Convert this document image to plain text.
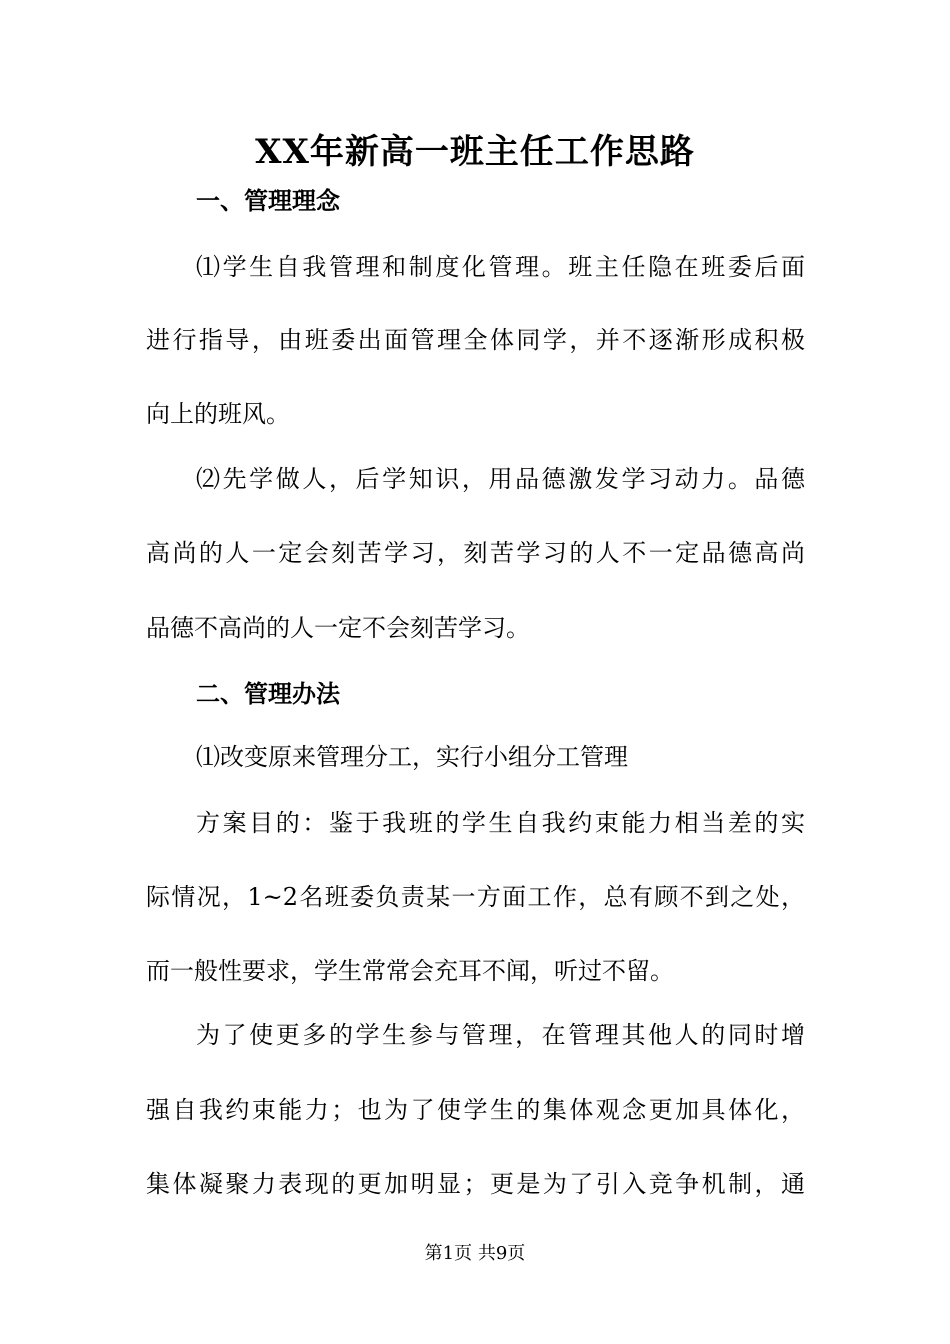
XX年新高一班主任工作思路
一、管理理念
⑴学生自我管理和制度化管理。班主任隐在班委后面
进行指导，由班委出面管理全体同学，并不逐渐形成积极
向上的班风。
⑵先学做人，后学知识，用品德激发学习动力。品德
高尚的人一定会刻苦学习，刻苦学习的人不一定品德高尚
品德不高尚的人一定不会刻苦学习。
二、管理办法
⑴改变原来管理分工，实行小组分工管理
方案目的：鉴于我班的学生自我约束能力相当差的实
际情况，1~2名班委负责某一方面工作，总有顾不到之处，
而一般性要求，学生常常会充耳不闻，听过不留。
为了使更多的学生参与管理，在管理其他人的同时增
强自我约束能力；也为了使学生的集体观念更加具体化，
集体凝聚力表现的更加明显；更是为了引入竞争机制，通
第1页 共9页
